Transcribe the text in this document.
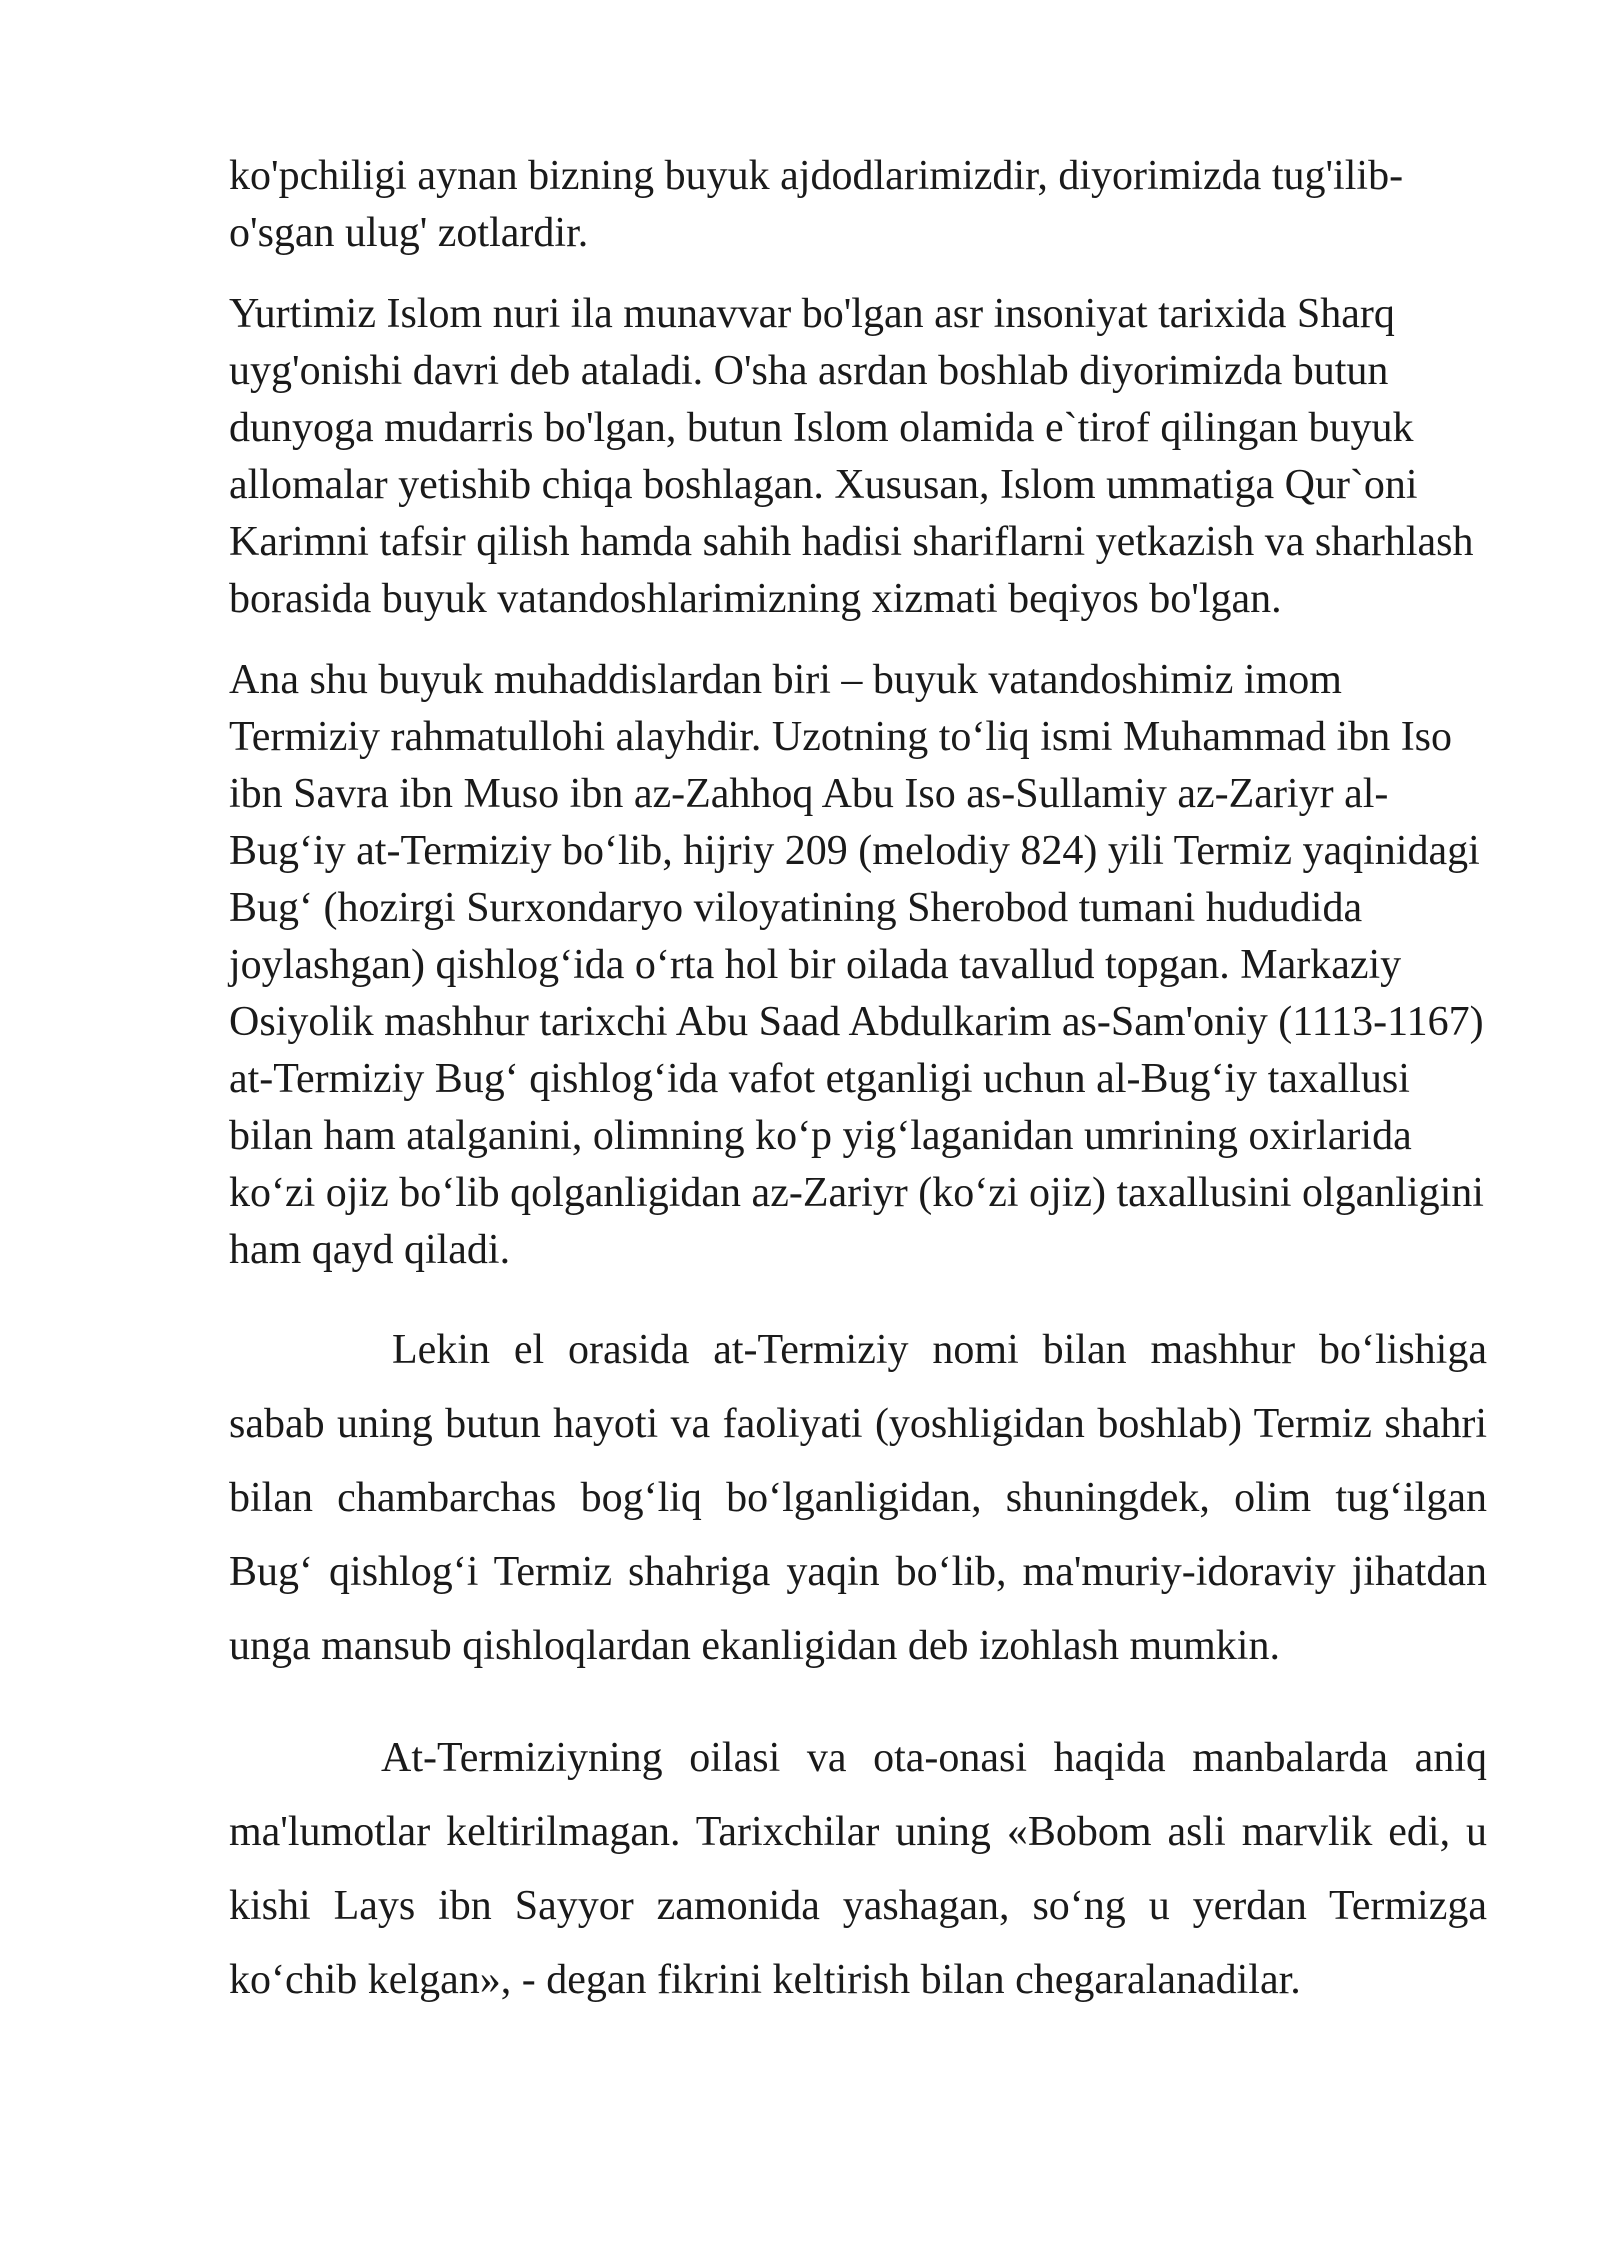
ko'pchiligi aynan bizning buyuk ajdodlarimizdir, diyorimizda tug'ilib-o'sgan ulug' zotlardir.

Yurtimiz Islom nuri ila munavvar bo'lgan asr insoniyat tarixida Sharq uyg'onishi davri deb ataladi. O'sha asrdan boshlab diyorimizda butun dunyoga mudarris bo'lgan, butun Islom olamida e`tirof qilingan buyuk allomalar yetishib chiqa boshlagan. Xususan, Islom ummatiga Qur`oni Karimni tafsir qilish hamda sahih hadisi shariflarni yetkazish va sharhlash borasida buyuk vatandoshlarimizning xizmati beqiyos bo'lgan.

Ana shu buyuk muhaddislardan biri – buyuk vatandoshimiz imom Termiziy rahmatullohi alayhdir. Uzotning to‘liq ismi Muhammad ibn Iso ibn Savra ibn Muso ibn az-Zahhoq Abu Iso as-Sullamiy az-Zariyr al-Bug‘iy at-Termiziy bo‘lib, hijriy 209 (melodiy 824) yili Termiz yaqinidagi Bug‘ (hozirgi Surxondaryo viloyatining Sherobod tumani hududida joylashgan) qishlog‘ida o‘rta hol bir oilada tavallud topgan. Markaziy Osiyolik mashhur tarixchi Abu Saad Abdulkarim as-Sam'oniy (1113-1167) at-Termiziy Bug‘ qishlog‘ida vafot etganligi uchun al-Bug‘iy taxallusi bilan ham atalganini, olimning ko‘p yig‘laganidan umrining oxirlarida ko‘zi ojiz bo‘lib qolganligidan az-Zariyr (ko‘zi ojiz) taxallusini olganligini ham qayd qiladi.

Lekin el orasida at-Termiziy nomi bilan mashhur bo‘lishiga sabab uning butun hayoti va faoliyati (yoshligidan boshlab) Termiz shahri bilan chambarchas bog‘liq bo‘lganligidan, shuningdek, olim tug‘ilgan Bug‘ qishlog‘i Termiz shahriga yaqin bo‘lib, ma'muriy-idoraviy jihatdan unga mansub qishloqlardan ekanligidan deb izohlash mumkin.

At-Termiziyning oilasi va ota-onasi haqida manbalarda aniq ma'lumotlar keltirilmagan. Tarixchilar uning «Bobom asli marvlik edi, u kishi Lays ibn Sayyor zamonida yashagan, so‘ng u yerdan Termizga ko‘chib kelgan», - degan fikrini keltirish bilan chegaralanadilar.
